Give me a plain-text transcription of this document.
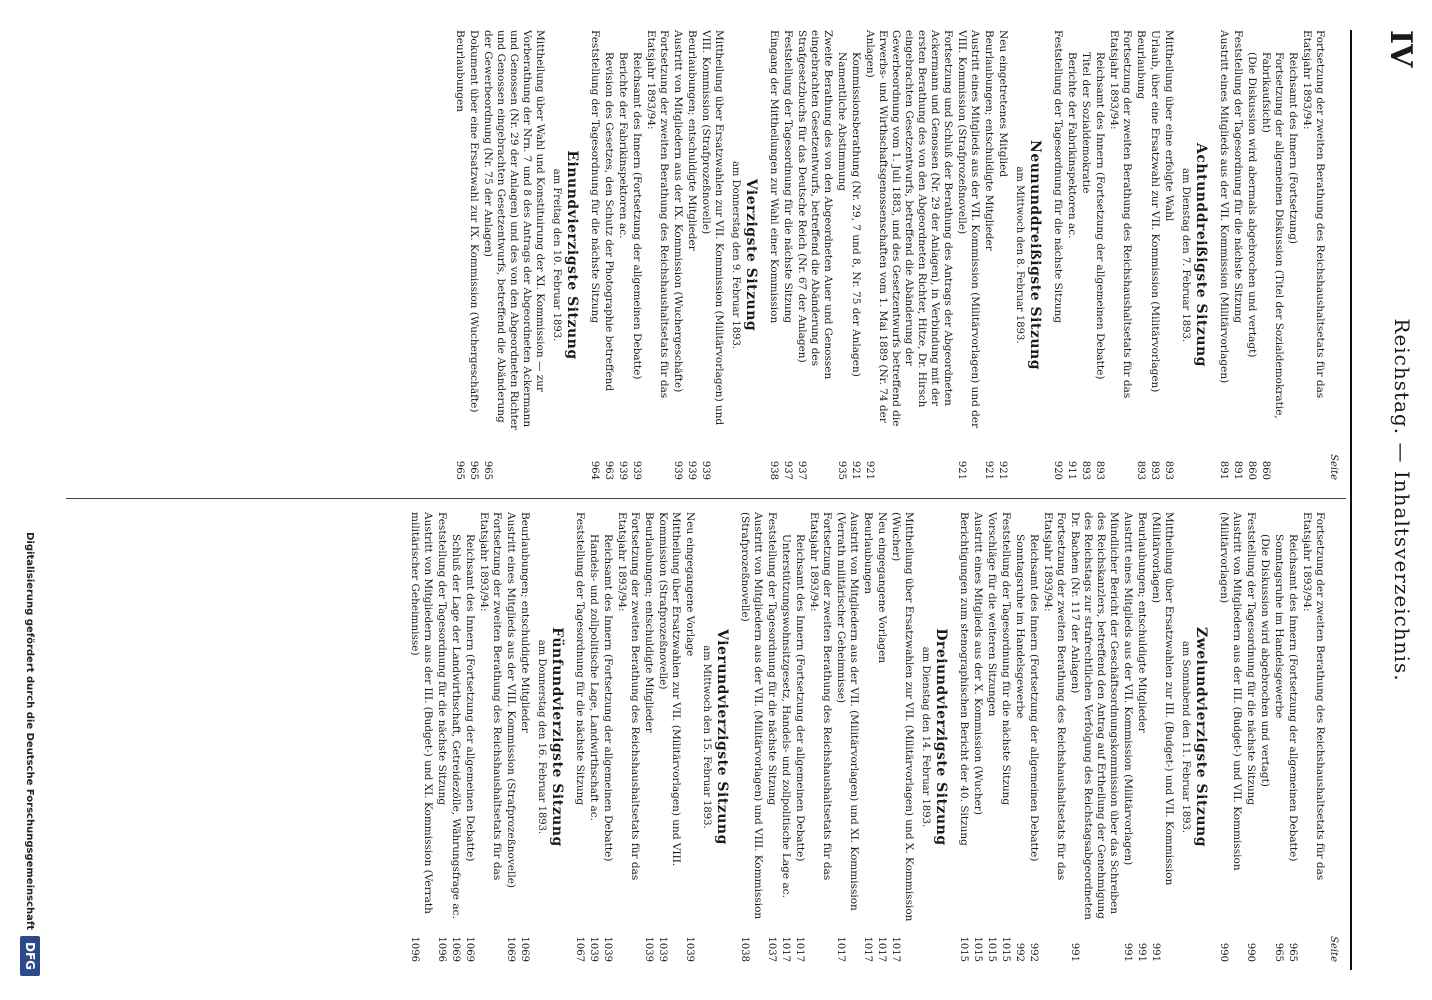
IV
Reichstag. — Inhaltsverzeichnis.
Seite
Fortsetzung der zweiten Berathung des Reichshaushaltsetats für das Etatsjahr 1893/94:
Reichsamt des Innern (Fortsetzung)
Fortsetzung der allgemeinen Diskussion (Titel der Sozialdemokratie, Fabrikaufsicht)
860
(Die Diskussion wird abermals abgebrochen und vertagt)
860
Feststellung der Tagesordnung für die nächste Sitzung
891
Austritt eines Mitglieds aus der VII. Kommission (Militärvorlagen)
891
Achtunddreißigste Sitzung
am Dienstag den 7. Februar 1893.
Mittheilung über eine erfolgte Wahl
893
Urlaub, über eine Ersatzwahl zur VII. Kommission (Militärvorlagen)
893
Beurlaubung
893
Fortsetzung der zweiten Berathung des Reichshaushaltsetats für das Etatsjahr 1893/94:
Reichsamt des Innern (Fortsetzung der allgemeinen Debatte)
893
Titel der Sozialdemokratie
893
Berichte der Fabrikinspektoren ac.
911
Feststellung der Tagesordnung für die nächste Sitzung
920
Neununddreißigste Sitzung
am Mittwoch den 8. Februar 1893.
Neu eingetretenes Mitglied
921
Beurlaubungen; entschuldigte Mitglieder
921
Austritt eines Mitglieds aus der VII. Kommission (Militärvorlagen) und der VIII. Kommission (Strafprozeßnovelle)
921
Fortsetzung und Schluß der Berathung des Antrags der Abgeordneten Ackermann und Genossen (Nr. 29 der Anlagen), in Verbindung mit der ersten Berathung des von den Abgeordneten Richter, Hitze, Dr. Hirsch eingebrachten Gesetzentwurfs, betreffend die Abänderung der Gewerbeordnung vom 1. Juli 1883, und des Gesetzentwurfs betreffend die Erwerbs- und Wirthschaftsgenossenschaften vom 1. Mai 1889 (Nr. 74 der Anlagen)
921
Kommissionsberathung (Nr. 29, 7 und 8, Nr. 75 der Anlagen)
921
Namentliche Abstimmung
935
Zweite Berathung des von den Abgeordneten Auer und Genossen eingebrachten Gesetzentwurfs, betreffend die Abänderung des Strafgesetzbuchs für das Deutsche Reich (Nr. 67 der Anlagen)
937
Feststellung der Tagesordnung für die nächste Sitzung
937
Eingang der Mittheilungen zur Wahl einer Kommission
938
Vierzigste Sitzung
am Donnerstag den 9. Februar 1893.
Mittheilung über Ersatzwahlen zur VII. Kommission (Militärvorlagen) und VIII. Kommission (Strafprozeßnovelle)
939
Beurlaubungen; entschuldigte Mitglieder
939
Austritt von Mitgliedern aus der IX. Kommission (Wuchergeschäfte)
939
Fortsetzung der zweiten Berathung des Reichshaushaltsetats für das Etatsjahr 1893/94:
Reichsamt des Innern (Fortsetzung der allgemeinen Debatte)
939
Berichte der Fabrikinspektoren ac.
939
Revision des Gesetzes, den Schutz der Photographie betreffend
963
Feststellung der Tagesordnung für die nächste Sitzung
964
Einundvierzigste Sitzung
am Freitag den 10. Februar 1893.
Mittheilung über Wahl und Konstituirung der XI. Kommission — zur Vorberathung der Nrn. 7 und 8 des Antrags der Abgeordneten Ackermann und Genossen (Nr. 29 der Anlagen) und des von den Abgeordneten Richter und Genossen eingebrachten Gesetzentwurfs, betreffend die Abänderung der Gewerbeordnung (Nr. 75 der Anlagen)
965
Dokument über eine Ersatzwahl zur IX. Kommission (Wuchergeschäfte)
965
Beurlaubungen
965
Seite
Fortsetzung der zweiten Berathung des Reichshaushaltsetats für das Etatsjahr 1893/94:
Reichsamt des Innern (Fortsetzung der allgemeinen Debatte)
965
Sonntagsruhe im Handelsgewerbe
965
(Die Diskussion wird abgebrochen und vertagt)
Feststellung der Tagesordnung für die nächste Sitzung
990
Austritt von Mitgliedern aus der III. (Budget-) und VII. Kommission (Militärvorlagen)
990
Zweiundvierzigste Sitzung
am Sonnabend den 11. Februar 1893.
Mittheilung über Ersatzwahlen zur III. (Budget-) und VII. Kommission (Militärvorlagen)
991
Beurlaubungen; entschuldigte Mitglieder
991
Austritt eines Mitglieds aus der VII. Kommission (Militärvorlagen)
991
Mündlicher Bericht der Geschäftsordnungskommission über das Schreiben des Reichskanzlers, betreffend den Antrag auf Ertheilung der Genehmigung des Reichstags zur strafrechtlichen Verfolgung des Reichstagsabgeordneten Dr. Bachem (Nr. 117 der Anlagen)
991
Fortsetzung der zweiten Berathung des Reichshaushaltsetats für das Etatsjahr 1893/94:
Reichsamt des Innern (Fortsetzung der allgemeinen Debatte)
992
Sonntagsruhe im Handelsgewerbe
992
Feststellung der Tagesordnung für die nächste Sitzung
1015
Vorschläge für die weiteren Sitzungen
1015
Austritt eines Mitglieds aus der X. Kommission (Wucher)
1015
Berichtigungen zum stenographischen Bericht der 40. Sitzung
1015
Dreiundvierzigste Sitzung
am Dienstag den 14. Februar 1893.
Mittheilung über Ersatzwahlen zur VII. (Militärvorlagen) und X. Kommission (Wucher)
1017
Neu eingegangene Vorlagen
1017
Beurlaubungen
1017
Austritt von Mitgliedern aus der VII. (Militärvorlagen) und XI. Kommission (Verrath militärischer Geheimnisse)
1017
Fortsetzung der zweiten Berathung des Reichshaushaltsetats für das Etatsjahr 1893/94:
Reichsamt des Innern (Fortsetzung der allgemeinen Debatte)
1017
Unterstützungswohnsitzgesetz, Handels- und zollpolitische Lage ac.
1017
Feststellung der Tagesordnung für die nächste Sitzung
1037
Austritt von Mitgliedern aus der VII. (Militärvorlagen) und VIII. Kommission (Strafprozeßnovelle)
1038
Vierundvierzigste Sitzung
am Mittwoch den 15. Februar 1893.
Neu eingegangene Vorlage
1039
Mittheilung über Ersatzwahlen zur VII. (Militärvorlagen) und VIII. Kommission (Strafprozeßnovelle)
1039
Beurlaubungen; entschuldigte Mitglieder
1039
Fortsetzung der zweiten Berathung des Reichshaushaltsetats für das Etatsjahr 1893/94:
Reichsamt des Innern (Fortsetzung der allgemeinen Debatte)
1039
Handels- und zollpolitische Lage, Landwirthschaft ac.
1039
Feststellung der Tagesordnung für die nächste Sitzung
1067
Fünfundvierzigste Sitzung
am Donnerstag den 16. Februar 1893.
Beurlaubungen; entschuldigte Mitglieder
1069
Austritt eines Mitglieds aus der VIII. Kommission (Strafprozeßnovelle)
1069
Fortsetzung der zweiten Berathung des Reichshaushaltsetats für das Etatsjahr 1893/94:
Reichsamt des Innern (Fortsetzung der allgemeinen Debatte)
1069
Schluß der Lage der Landwirthschaft, Getreidezölle, Währungsfrage ac.
1069
Feststellung der Tagesordnung für die nächste Sitzung
1096
Austritt von Mitgliedern aus der III. (Budget-) und XI. Kommission (Verrath militärischer Geheimnisse)
1096
Digitalisierung gefördert durch die Deutsche Forschungsgemeinschaft
DFG
